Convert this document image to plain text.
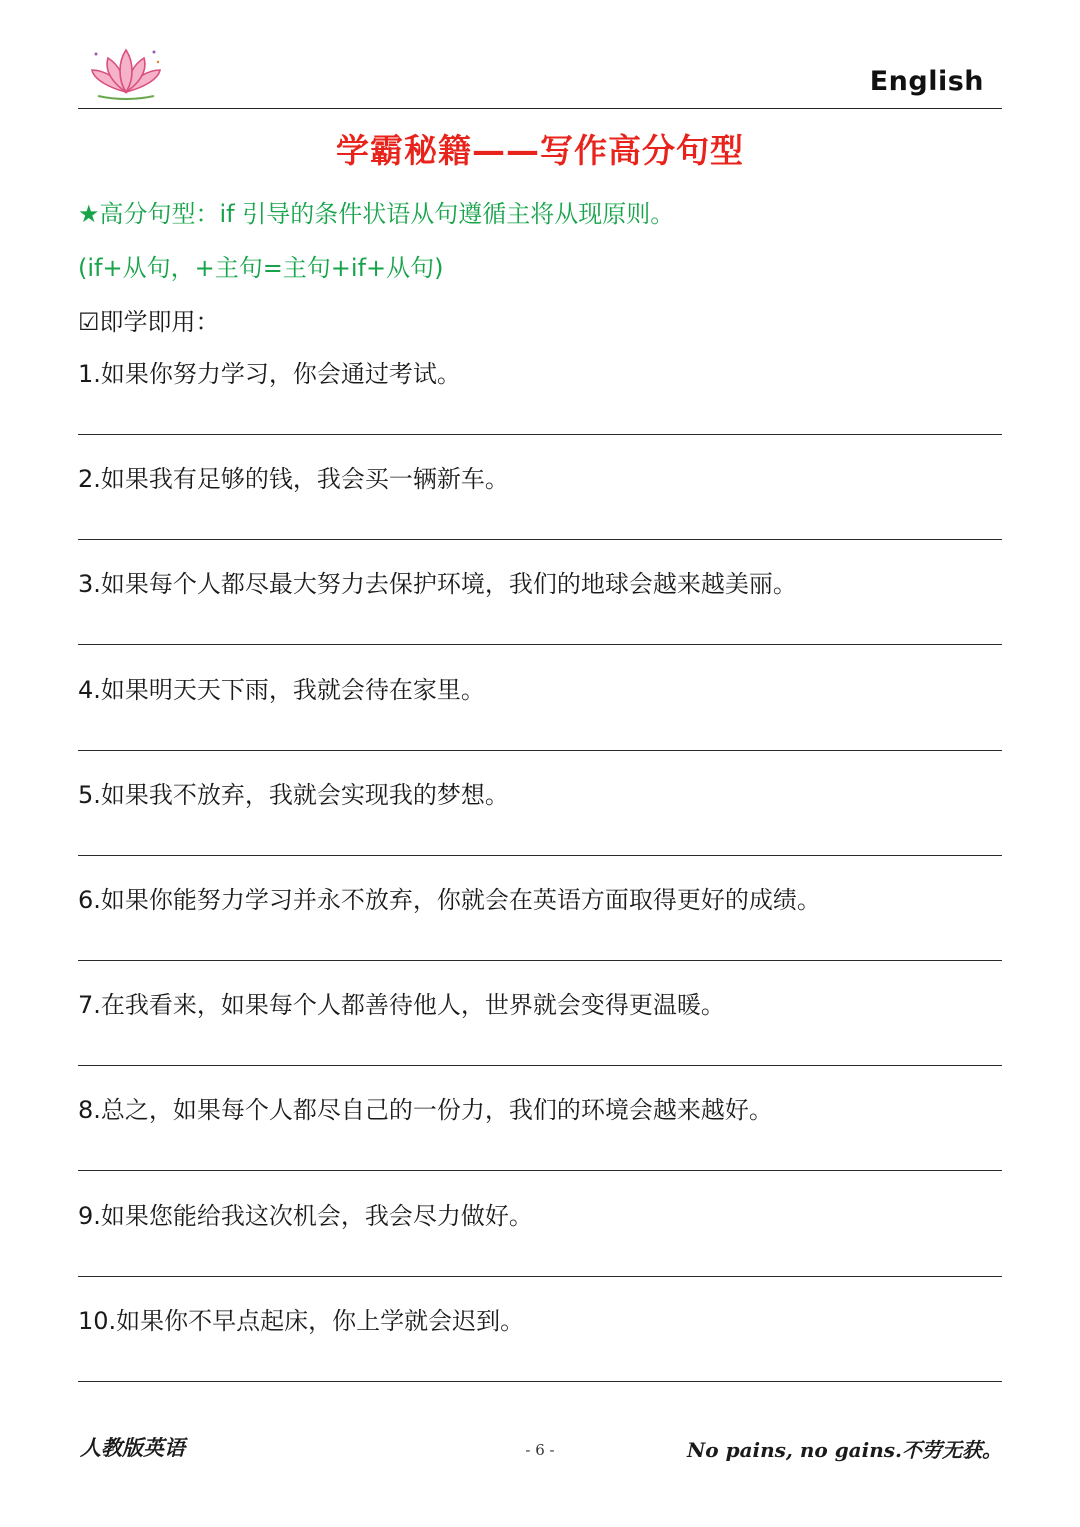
English
学霸秘籍——写作高分句型
★高分句型：if 引导的条件状语从句遵循主将从现原则。
(if+从句，+主句=主句+if+从句)
☑即学即用：
1.如果你努力学习，你会通过考试。
2.如果我有足够的钱，我会买一辆新车。
3.如果每个人都尽最大努力去保护环境，我们的地球会越来越美丽。
4.如果明天天下雨，我就会待在家里。
5.如果我不放弃，我就会实现我的梦想。
6.如果你能努力学习并永不放弃，你就会在英语方面取得更好的成绩。
7.在我看来，如果每个人都善待他人，世界就会变得更温暖。
8.总之，如果每个人都尽自己的一份力，我们的环境会越来越好。
9.如果您能给我这次机会，我会尽力做好。
10.如果你不早点起床，你上学就会迟到。
人教版英语	- 6 -	No pains, no gains.不劳无获。
